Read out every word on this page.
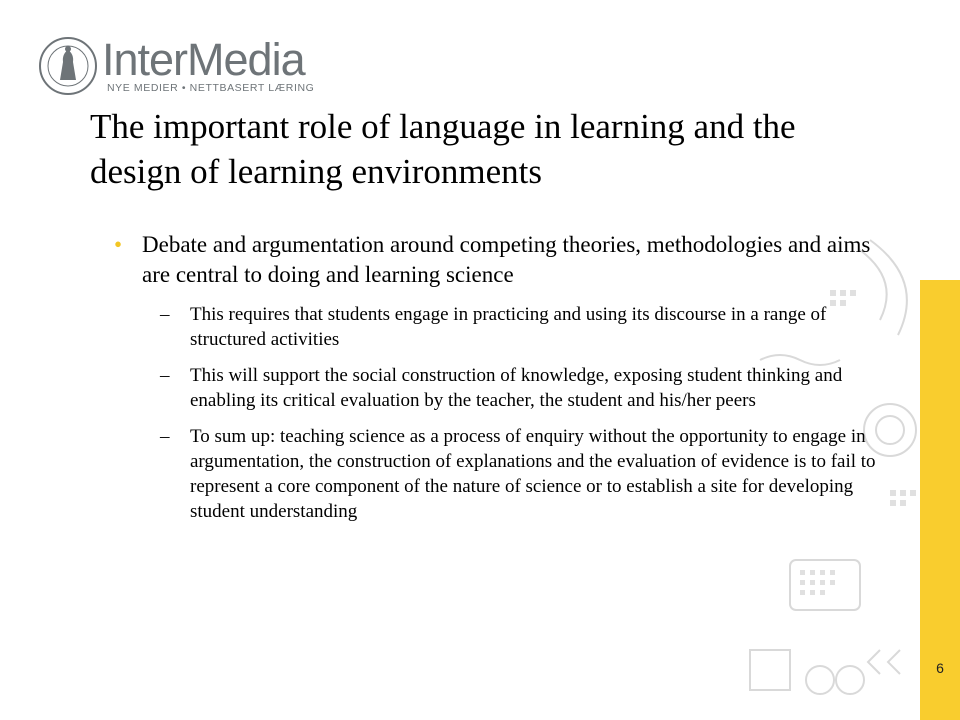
InterMedia
NYE MEDIER • NETTBASERT LÆRING
The important role of language in learning and the design of learning environments
• Debate and argumentation around competing theories, methodologies and aims are central to doing and learning science
– This requires that students engage in practicing and using its discourse in a range of structured activities
– This will support the social construction of knowledge, exposing student thinking and enabling its critical evaluation by the teacher, the student and his/her peers
– To sum up: teaching science as a process of enquiry without the opportunity to engage in argumentation, the construction of explanations and the evaluation of evidence is to fail to represent a core component of the nature of science or to establish a site for developing student understanding
6
